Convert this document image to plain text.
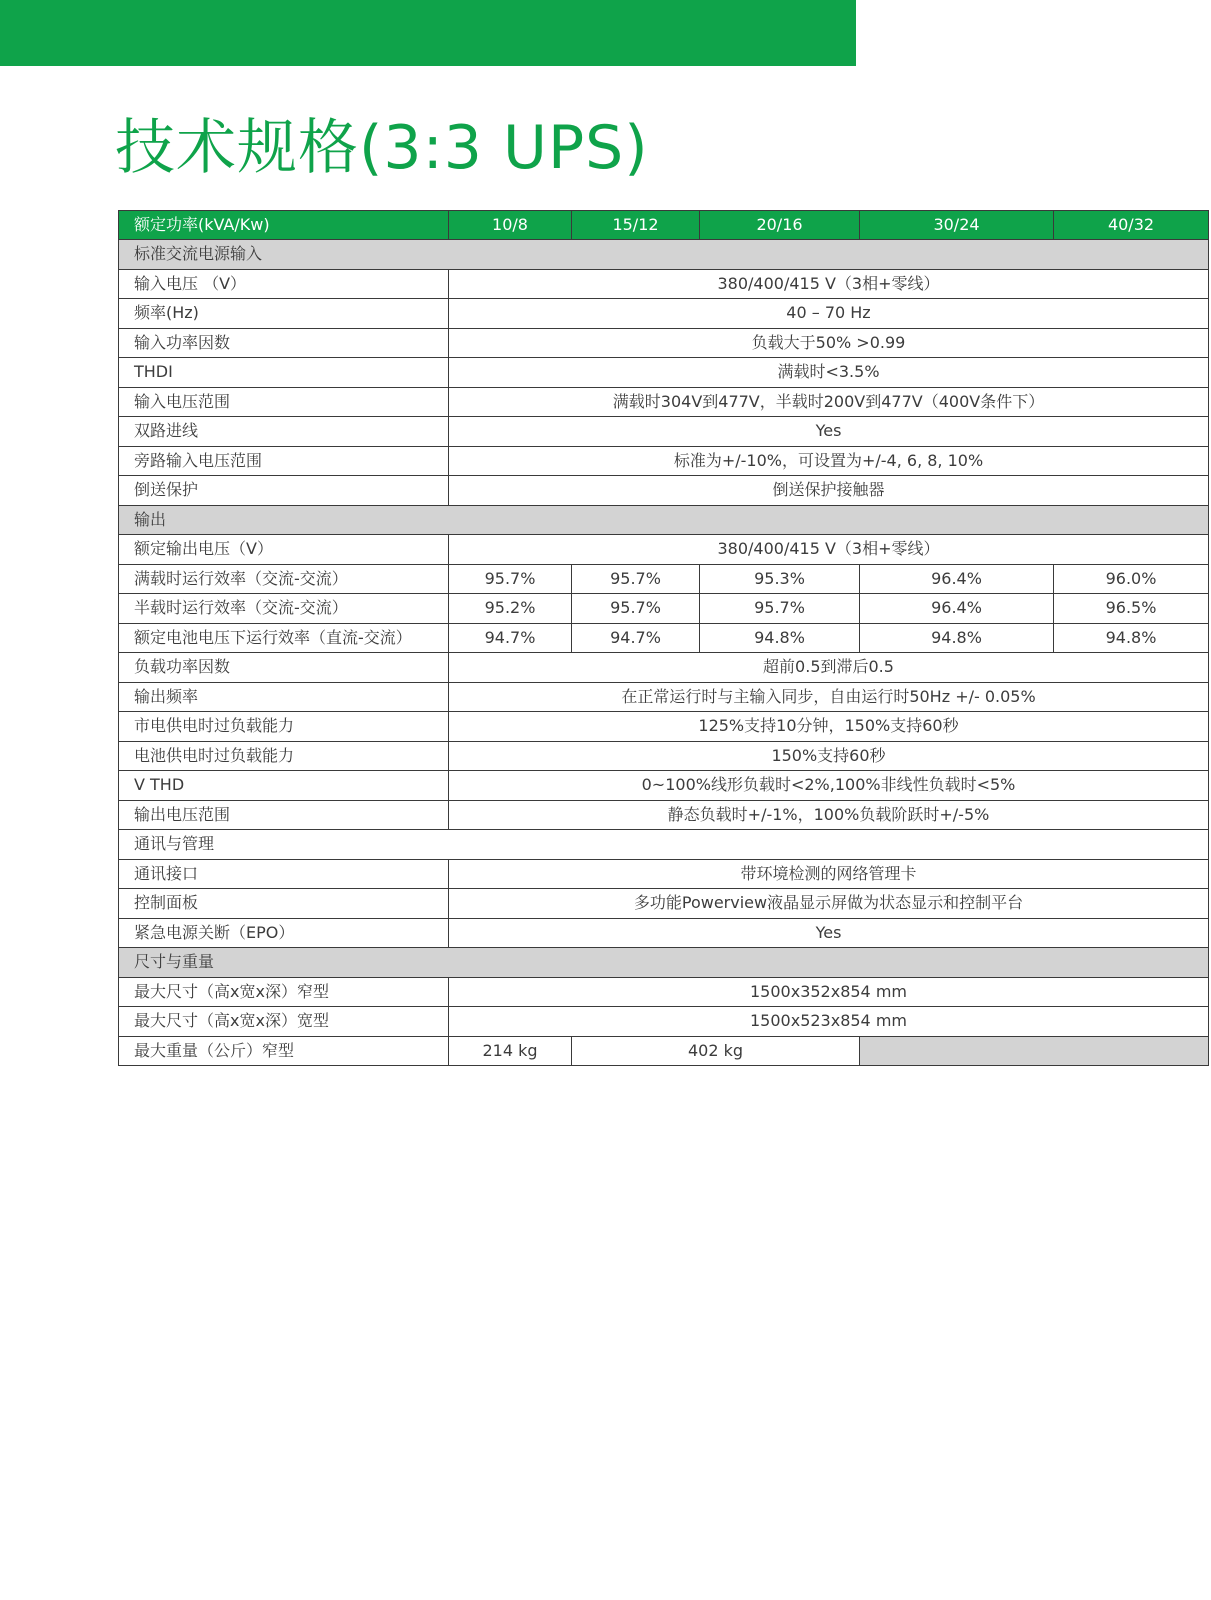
技术规格(3:3 UPS)
额定功率(kVA/Kw)	10/8	15/12	20/16	30/24	40/32
标准交流电源输入					
输入电压 （V）	380/400/415 V（3相+零线）				
频率(Hz)	40 – 70 Hz				
输入功率因数	负载大于50% >0.99				
THDI	满载时<3.5%				
输入电压范围	满载时304V到477V，半载时200V到477V（400V条件下）				
双路进线	Yes				
旁路输入电压范围	标准为+/-10%，可设置为+/-4, 6, 8, 10%				
倒送保护	倒送保护接触器				
输出					
额定输出电压（V）	380/400/415 V（3相+零线）				
满载时运行效率（交流-交流）	95.7%	95.7%	95.3%	96.4%	96.0%
半载时运行效率（交流-交流）	95.2%	95.7%	95.7%	96.4%	96.5%
额定电池电压下运行效率（直流-交流）	94.7%	94.7%	94.8%	94.8%	94.8%
负载功率因数	超前0.5到滞后0.5				
输出频率	在正常运行时与主输入同步，自由运行时50Hz +/- 0.05%				
市电供电时过负载能力	125%支持10分钟，150%支持60秒				
电池供电时过负载能力	150%支持60秒				
V THD	0~100%线形负载时<2%,100%非线性负载时<5%				
输出电压范围	静态负载时+/-1%，100%负载阶跃时+/-5%				
通讯与管理					
通讯接口	带环境检测的网络管理卡				
控制面板	多功能Powerview液晶显示屏做为状态显示和控制平台				
紧急电源关断（EPO）	Yes				
尺寸与重量					
最大尺寸（高x宽x深）窄型	1500x352x854 mm				
最大尺寸（高x宽x深）宽型	1500x523x854 mm				
最大重量（公斤）窄型	214 kg	402 kg			
